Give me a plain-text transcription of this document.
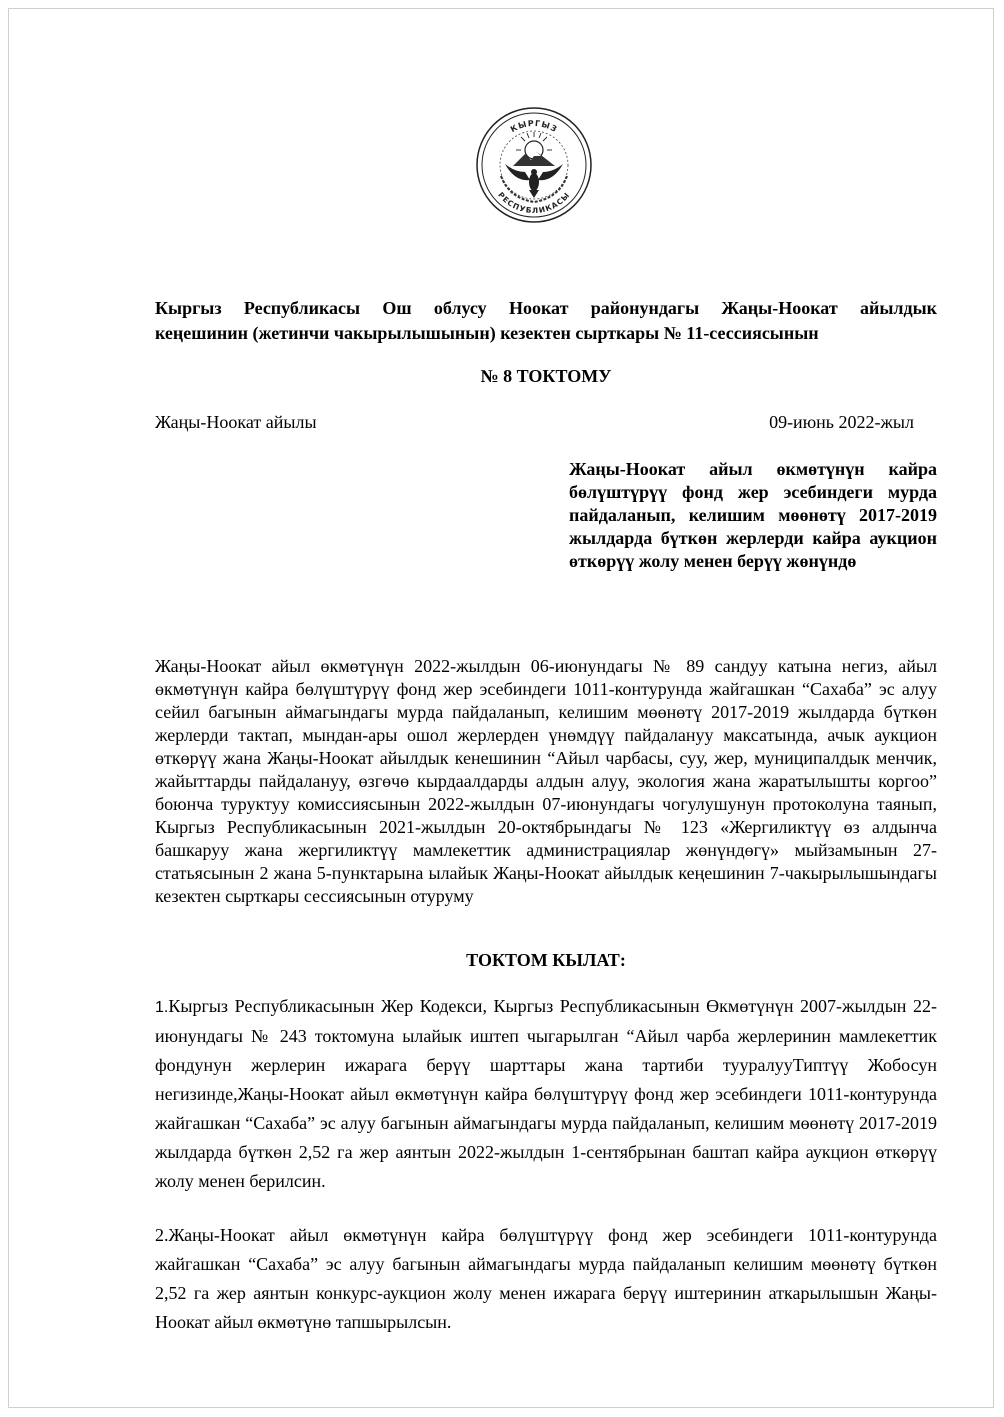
КЫРГЫЗ
РЕСПУБЛИКАСЫ
Кыргыз Республикасы Ош облусу Ноокат районундагы Жаңы-Ноокат айылдык
кеңешинин (жетинчи чакырылышынын) кезектен сырткары № 11-сессиясынын
№ 8 ТОКТОМУ
Жаңы-Ноокат айылы	09-июнь 2022-жыл
Жаңы-Ноокат айыл өкмөтүнүн кайра бөлүштүрүү фонд жер эсебиндеги мурда пайдаланып, келишим мөөнөтү 2017-2019 жылдарда бүткөн жерлерди кайра аукцион өткөрүү жолу менен берүү жөнүндө
Жаңы-Ноокат айыл өкмөтүнүн 2022-жылдын 06-июнундагы № 89 сандуу катына негиз, айыл өкмөтүнүн кайра бөлүштүрүү фонд жер эсебиндеги 1011-контурунда жайгашкан “Сахаба” эс алуу сейил багынын аймагындагы мурда пайдаланып, келишим мөөнөтү 2017-2019 жылдарда бүткөн жерлерди тактап, мындан-ары ошол жерлерден үнөмдүү пайдалануу максатында, ачык аукцион өткөрүү жана Жаңы-Ноокат айылдык кенешинин “Айыл чарбасы, суу, жер, муниципалдык менчик, жайыттарды пайдалануу, өзгөчө кырдаалдарды алдын алуу, экология жана жаратылышты коргоо” боюнча туруктуу комиссиясынын 2022-жылдын 07-июнундагы чогулушунун протоколуна таянып, Кыргыз Республикасынын 2021-жылдын 20-октябрындагы № 123 «Жергиликтүү өз алдынча башкаруу жана жергиликтүү мамлекеттик администрациялар жөнүндөгү» мыйзамынын 27-статьясынын 2 жана 5-пунктарына ылайык Жаңы-Ноокат айылдык кеңешинин 7-чакырылышындагы кезектен сырткары сессиясынын отуруму
ТОКТОМ КЫЛАТ:
1.Кыргыз Республикасынын Жер Кодекси, Кыргыз Республикасынын Өкмөтүнүн 2007-жылдын 22-июнундагы № 243 токтомуна ылайык иштеп чыгарылган “Айыл чарба жерлеринин мамлекеттик фондунун жерлерин ижарага берүү шарттары жана тартиби тууралууТиптүү Жобосун негизинде,Жаңы-Ноокат айыл өкмөтүнүн кайра бөлүштүрүү фонд жер эсебиндеги 1011-контурунда жайгашкан “Сахаба” эс алуу багынын аймагындагы мурда пайдаланып, келишим мөөнөтү 2017-2019 жылдарда бүткөн 2,52 га жер аянтын 2022-жылдын 1-сентябрынан баштап кайра аукцион өткөрүү жолу менен берилсин.
2.Жаңы-Ноокат айыл өкмөтүнүн кайра бөлүштүрүү фонд жер эсебиндеги 1011-контурунда жайгашкан “Сахаба” эс алуу багынын аймагындагы мурда пайдаланып келишим мөөнөтү бүткөн 2,52 га жер аянтын конкурс-аукцион жолу менен ижарага берүү иштеринин аткарылышын Жаңы-Ноокат айыл өкмөтүнө тапшырылсын.
